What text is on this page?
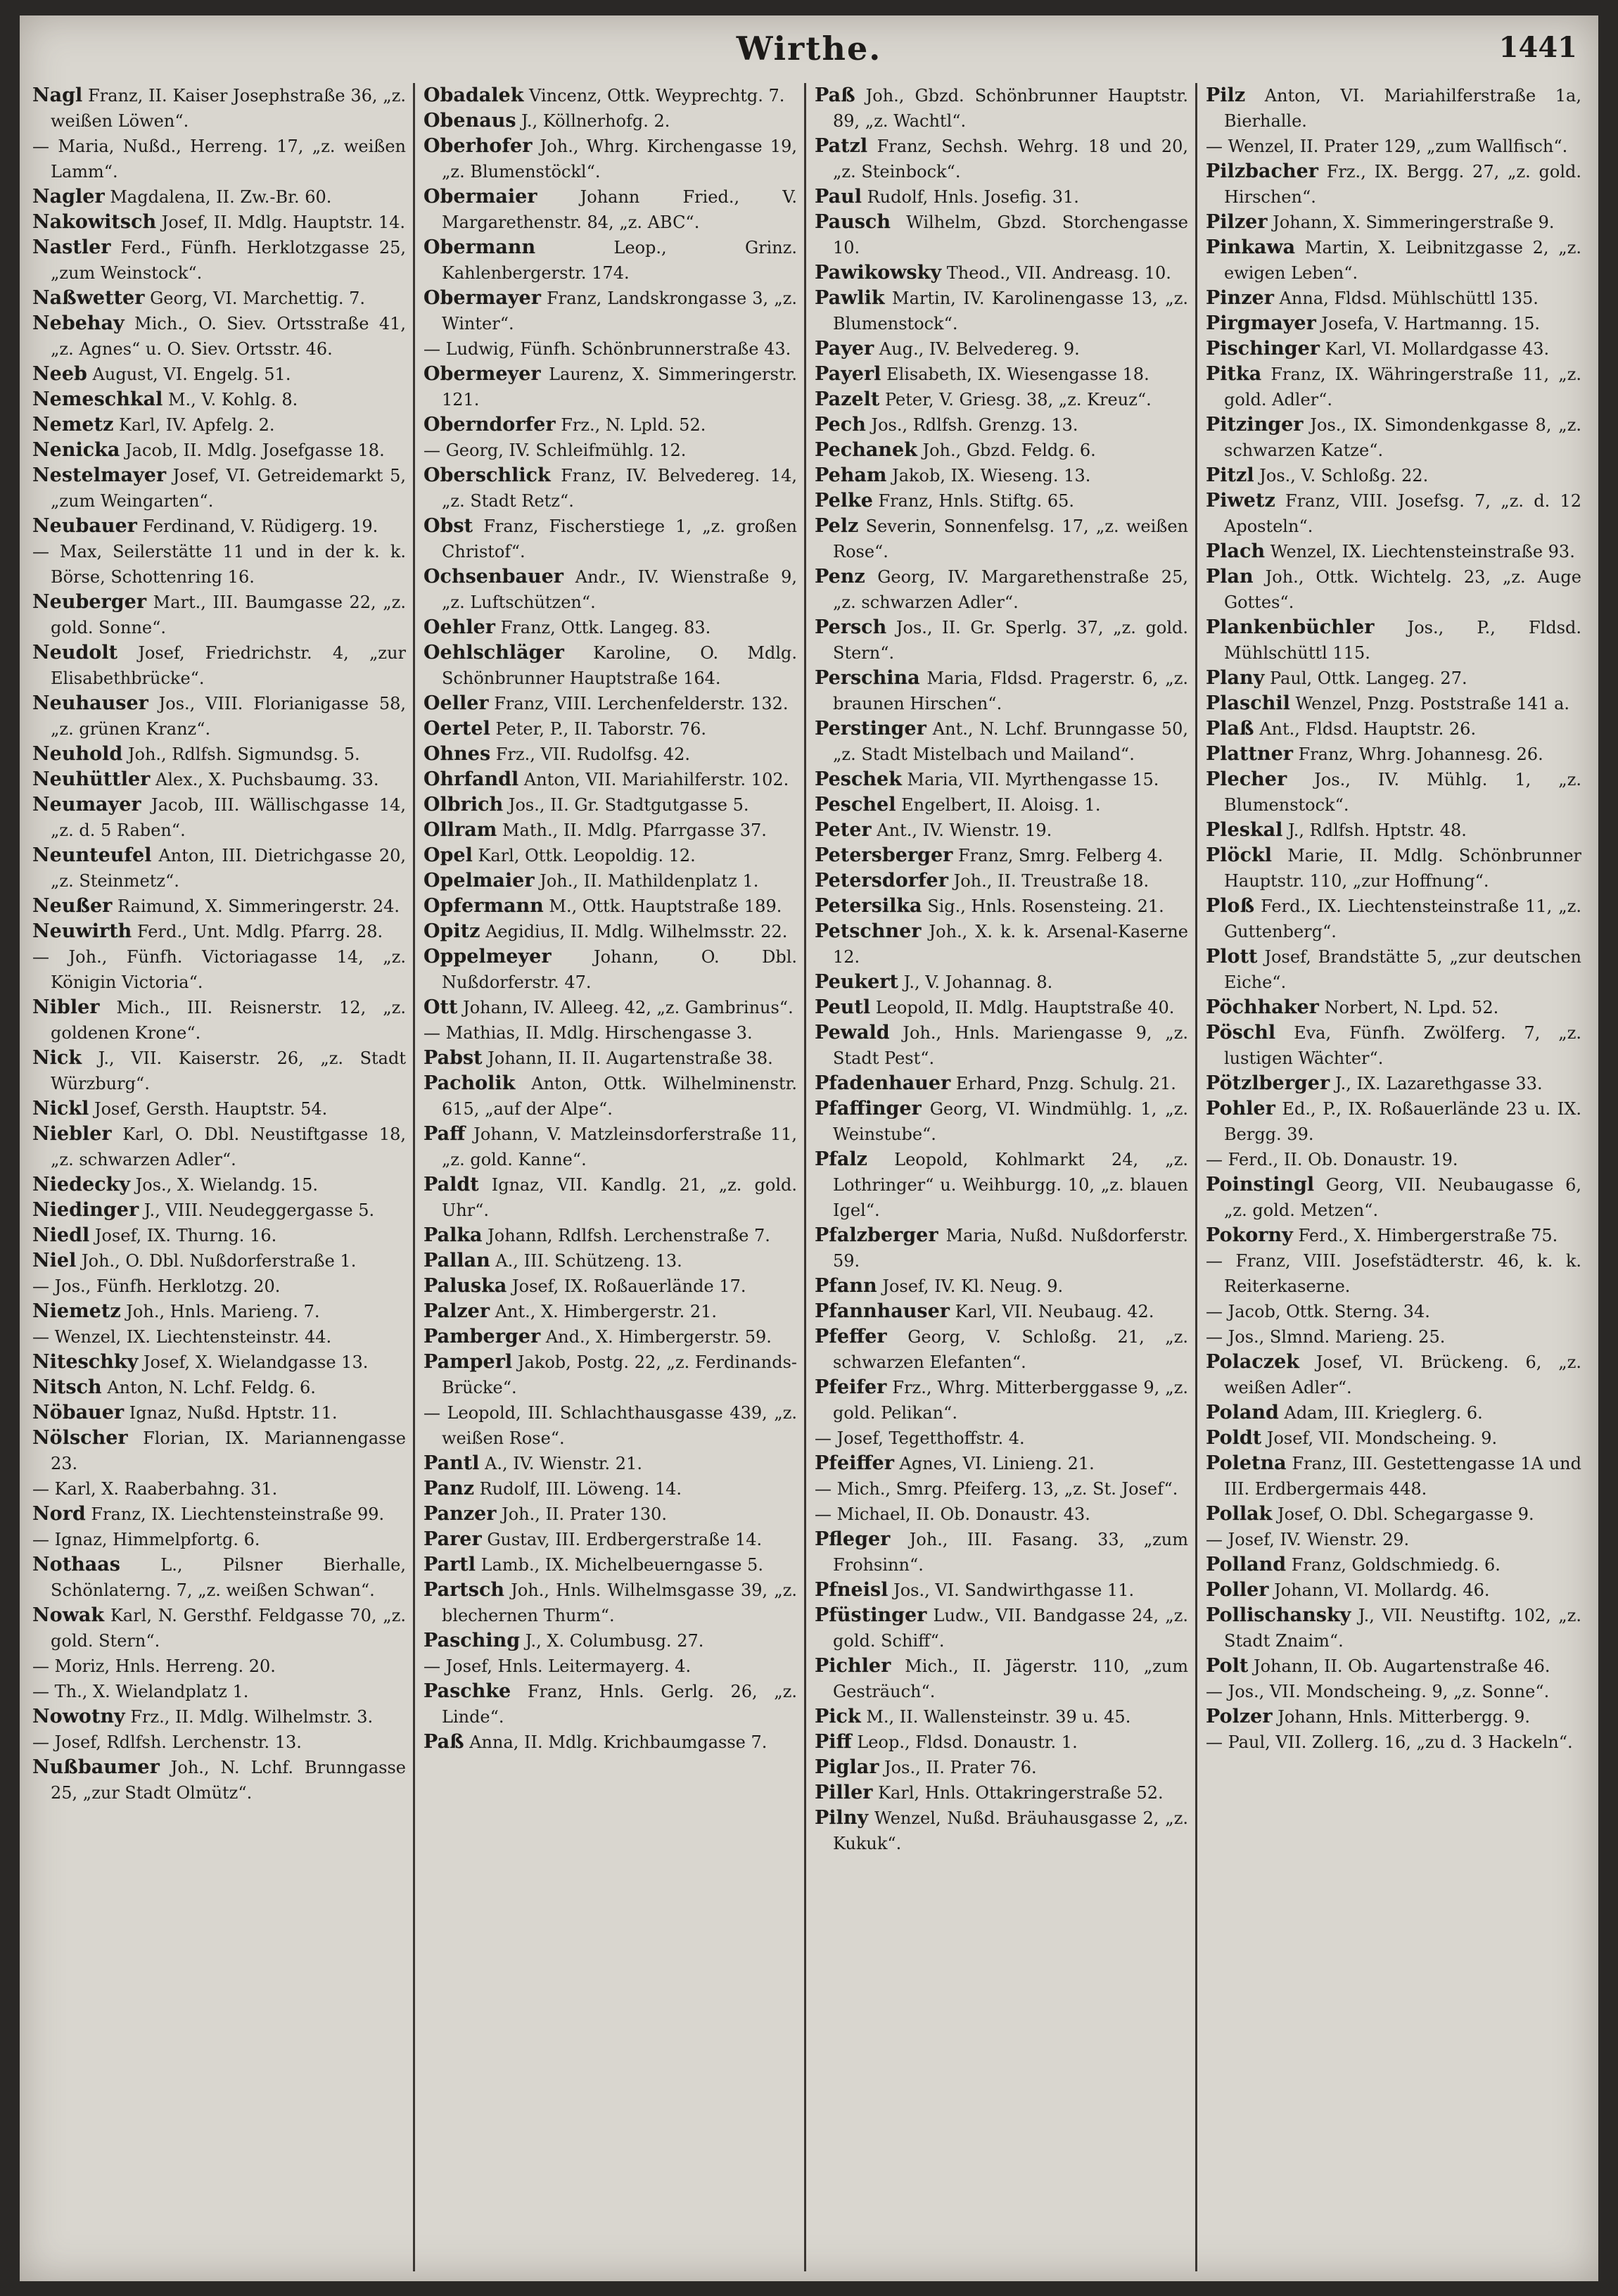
Wirthe.	1441

Nagl Franz, II. Kaiser Josephstraße 36, „z. weißen Löwen“.

— Maria, Nußd., Herreng. 17, „z. weißen Lamm“.

Nagler Magdalena, II. Zw.-Br. 60.

Nakowitsch Josef, II. Mdlg. Hauptstr. 14.

Nastler Ferd., Fünfh. Herklotzgasse 25, „zum Weinstock“.

Naßwetter Georg, VI. Marchettig. 7.

Nebehay Mich., O. Siev. Ortsstraße 41, „z. Agnes“ u. O. Siev. Ortsstr. 46.

Neeb August, VI. Engelg. 51.

Nemeschkal M., V. Kohlg. 8.

Nemetz Karl, IV. Apfelg. 2.

Nenicka Jacob, II. Mdlg. Josefgasse 18.

Nestelmayer Josef, VI. Getreidemarkt 5, „zum Weingarten“.

Neubauer Ferdinand, V. Rüdigerg. 19.

— Max, Seilerstätte 11 und in der k. k. Börse, Schottenring 16.

Neuberger Mart., III. Baumgasse 22, „z. gold. Sonne“.

Neudolt Josef, Friedrichstr. 4, „zur Elisabethbrücke“.

Neuhauser Jos., VIII. Florianigasse 58, „z. grünen Kranz“.

Neuhold Joh., Rdlfsh. Sigmundsg. 5.

Neuhüttler Alex., X. Puchsbaumg. 33.

Neumayer Jacob, III. Wällischgasse 14, „z. d. 5 Raben“.

Neunteufel Anton, III. Dietrichgasse 20, „z. Steinmetz“.

Neußer Raimund, X. Simmeringerstr. 24.

Neuwirth Ferd., Unt. Mdlg. Pfarrg. 28.

— Joh., Fünfh. Victoriagasse 14, „z. Königin Victoria“.

Nibler Mich., III. Reisnerstr. 12, „z. goldenen Krone“.

Nick J., VII. Kaiserstr. 26, „z. Stadt Würzburg“.

Nickl Josef, Gersth. Hauptstr. 54.

Niebler Karl, O. Dbl. Neustiftgasse 18, „z. schwarzen Adler“.

Niedecky Jos., X. Wielandg. 15.

Niedinger J., VIII. Neudeggergasse 5.

Niedl Josef, IX. Thurng. 16.

Niel Joh., O. Dbl. Nußdorferstraße 1.

— Jos., Fünfh. Herklotzg. 20.

Niemetz Joh., Hnls. Marieng. 7.

— Wenzel, IX. Liechtensteinstr. 44.

Niteschky Josef, X. Wielandgasse 13.

Nitsch Anton, N. Lchf. Feldg. 6.

Nöbauer Ignaz, Nußd. Hptstr. 11.

Nölscher Florian, IX. Mariannengasse 23.

— Karl, X. Raaberbahng. 31.

Nord Franz, IX. Liechtensteinstraße 99.

— Ignaz, Himmelpfortg. 6.

Nothaas L., Pilsner Bierhalle, Schönlaterng. 7, „z. weißen Schwan“.

Nowak Karl, N. Gersthf. Feldgasse 70, „z. gold. Stern“.

— Moriz, Hnls. Herreng. 20.

— Th., X. Wielandplatz 1.

Nowotny Frz., II. Mdlg. Wilhelmstr. 3.

— Josef, Rdlfsh. Lerchenstr. 13.

Nußbaumer Joh., N. Lchf. Brunngasse 25, „zur Stadt Olmütz“.

Obadalek Vincenz, Ottk. Weyprechtg. 7.

Obenaus J., Köllnerhofg. 2.

Oberhofer Joh., Whrg. Kirchengasse 19, „z. Blumenstöckl“.

Obermaier Johann Fried., V. Margarethenstr. 84, „z. ABC“.

Obermann Leop., Grinz. Kahlenbergerstr. 174.

Obermayer Franz, Landskrongasse 3, „z. Winter“.

— Ludwig, Fünfh. Schönbrunnerstraße 43.

Obermeyer Laurenz, X. Simmeringerstr. 121.

Oberndorfer Frz., N. Lpld. 52.

— Georg, IV. Schleifmühlg. 12.

Oberschlick Franz, IV. Belvedereg. 14, „z. Stadt Retz“.

Obst Franz, Fischerstiege 1, „z. großen Christof“.

Ochsenbauer Andr., IV. Wienstraße 9, „z. Luftschützen“.

Oehler Franz, Ottk. Langeg. 83.

Oehlschläger Karoline, O. Mdlg. Schönbrunner Hauptstraße 164.

Oeller Franz, VIII. Lerchenfelderstr. 132.

Oertel Peter, P., II. Taborstr. 76.

Ohnes Frz., VII. Rudolfsg. 42.

Ohrfandl Anton, VII. Mariahilferstr. 102.

Olbrich Jos., II. Gr. Stadtgutgasse 5.

Ollram Math., II. Mdlg. Pfarrgasse 37.

Opel Karl, Ottk. Leopoldig. 12.

Opelmaier Joh., II. Mathildenplatz 1.

Opfermann M., Ottk. Hauptstraße 189.

Opitz Aegidius, II. Mdlg. Wilhelmsstr. 22.

Oppelmeyer Johann, O. Dbl. Nußdorferstr. 47.

Ott Johann, IV. Alleeg. 42, „z. Gambrinus“.

— Mathias, II. Mdlg. Hirschengasse 3.

Pabst Johann, II. II. Augartenstraße 38.

Pacholik Anton, Ottk. Wilhelminenstr. 615, „auf der Alpe“.

Paff Johann, V. Matzleinsdorferstraße 11, „z. gold. Kanne“.

Paldt Ignaz, VII. Kandlg. 21, „z. gold. Uhr“.

Palka Johann, Rdlfsh. Lerchenstraße 7.

Pallan A., III. Schützeng. 13.

Paluska Josef, IX. Roßauerlände 17.

Palzer Ant., X. Himbergerstr. 21.

Pamberger And., X. Himbergerstr. 59.

Pamperl Jakob, Postg. 22, „z. Ferdinands-Brücke“.

— Leopold, III. Schlachthausgasse 439, „z. weißen Rose“.

Pantl A., IV. Wienstr. 21.

Panz Rudolf, III. Löweng. 14.

Panzer Joh., II. Prater 130.

Parer Gustav, III. Erdbergerstraße 14.

Partl Lamb., IX. Michelbeuerngasse 5.

Partsch Joh., Hnls. Wilhelmsgasse 39, „z. blechernen Thurm“.

Pasching J., X. Columbusg. 27.

— Josef, Hnls. Leitermayerg. 4.

Paschke Franz, Hnls. Gerlg. 26, „z. Linde“.

Paß Anna, II. Mdlg. Krichbaumgasse 7.

Paß Joh., Gbzd. Schönbrunner Hauptstr. 89, „z. Wachtl“.

Patzl Franz, Sechsh. Wehrg. 18 und 20, „z. Steinbock“.

Paul Rudolf, Hnls. Josefig. 31.

Pausch Wilhelm, Gbzd. Storchengasse 10.

Pawikowsky Theod., VII. Andreasg. 10.

Pawlik Martin, IV. Karolinengasse 13, „z. Blumenstock“.

Payer Aug., IV. Belvedereg. 9.

Payerl Elisabeth, IX. Wiesengasse 18.

Pazelt Peter, V. Griesg. 38, „z. Kreuz“.

Pech Jos., Rdlfsh. Grenzg. 13.

Pechanek Joh., Gbzd. Feldg. 6.

Peham Jakob, IX. Wieseng. 13.

Pelke Franz, Hnls. Stiftg. 65.

Pelz Severin, Sonnenfelsg. 17, „z. weißen Rose“.

Penz Georg, IV. Margarethenstraße 25, „z. schwarzen Adler“.

Persch Jos., II. Gr. Sperlg. 37, „z. gold. Stern“.

Perschina Maria, Fldsd. Pragerstr. 6, „z. braunen Hirschen“.

Perstinger Ant., N. Lchf. Brunngasse 50, „z. Stadt Mistelbach und Mailand“.

Peschek Maria, VII. Myrthengasse 15.

Peschel Engelbert, II. Aloisg. 1.

Peter Ant., IV. Wienstr. 19.

Petersberger Franz, Smrg. Felberg 4.

Petersdorfer Joh., II. Treustraße 18.

Petersilka Sig., Hnls. Rosensteing. 21.

Petschner Joh., X. k. k. Arsenal-Kaserne 12.

Peukert J., V. Johannag. 8.

Peutl Leopold, II. Mdlg. Hauptstraße 40.

Pewald Joh., Hnls. Mariengasse 9, „z. Stadt Pest“.

Pfadenhauer Erhard, Pnzg. Schulg. 21.

Pfaffinger Georg, VI. Windmühlg. 1, „z. Weinstube“.

Pfalz Leopold, Kohlmarkt 24, „z. Lothringer“ u. Weihburgg. 10, „z. blauen Igel“.

Pfalzberger Maria, Nußd. Nußdorferstr. 59.

Pfann Josef, IV. Kl. Neug. 9.

Pfannhauser Karl, VII. Neubaug. 42.

Pfeffer Georg, V. Schloßg. 21, „z. schwarzen Elefanten“.

Pfeifer Frz., Whrg. Mitterberggasse 9, „z. gold. Pelikan“.

— Josef, Tegetthoffstr. 4.

Pfeiffer Agnes, VI. Linieng. 21.

— Mich., Smrg. Pfeiferg. 13, „z. St. Josef“.

— Michael, II. Ob. Donaustr. 43.

Pfleger Joh., III. Fasang. 33, „zum Frohsinn“.

Pfneisl Jos., VI. Sandwirthgasse 11.

Pfüstinger Ludw., VII. Bandgasse 24, „z. gold. Schiff“.

Pichler Mich., II. Jägerstr. 110, „zum Gesträuch“.

Pick M., II. Wallensteinstr. 39 u. 45.

Piff Leop., Fldsd. Donaustr. 1.

Piglar Jos., II. Prater 76.

Piller Karl, Hnls. Ottakringerstraße 52.

Pilny Wenzel, Nußd. Bräuhausgasse 2, „z. Kukuk“.

Pilz Anton, VI. Mariahilferstraße 1a, Bierhalle.

— Wenzel, II. Prater 129, „zum Wallfisch“.

Pilzbacher Frz., IX. Bergg. 27, „z. gold. Hirschen“.

Pilzer Johann, X. Simmeringerstraße 9.

Pinkawa Martin, X. Leibnitzgasse 2, „z. ewigen Leben“.

Pinzer Anna, Fldsd. Mühlschüttl 135.

Pirgmayer Josefa, V. Hartmanng. 15.

Pischinger Karl, VI. Mollardgasse 43.

Pitka Franz, IX. Währingerstraße 11, „z. gold. Adler“.

Pitzinger Jos., IX. Simondenkgasse 8, „z. schwarzen Katze“.

Pitzl Jos., V. Schloßg. 22.

Piwetz Franz, VIII. Josefsg. 7, „z. d. 12 Aposteln“.

Plach Wenzel, IX. Liechtensteinstraße 93.

Plan Joh., Ottk. Wichtelg. 23, „z. Auge Gottes“.

Plankenbüchler Jos., P., Fldsd. Mühlschüttl 115.

Plany Paul, Ottk. Langeg. 27.

Plaschil Wenzel, Pnzg. Poststraße 141 a.

Plaß Ant., Fldsd. Hauptstr. 26.

Plattner Franz, Whrg. Johannesg. 26.

Plecher Jos., IV. Mühlg. 1, „z. Blumenstock“.

Pleskal J., Rdlfsh. Hptstr. 48.

Plöckl Marie, II. Mdlg. Schönbrunner Hauptstr. 110, „zur Hoffnung“.

Ploß Ferd., IX. Liechtensteinstraße 11, „z. Guttenberg“.

Plott Josef, Brandstätte 5, „zur deutschen Eiche“.

Pöchhaker Norbert, N. Lpd. 52.

Pöschl Eva, Fünfh. Zwölferg. 7, „z. lustigen Wächter“.

Pötzlberger J., IX. Lazarethgasse 33.

Pohler Ed., P., IX. Roßauerlände 23 u. IX. Bergg. 39.

— Ferd., II. Ob. Donaustr. 19.

Poinstingl Georg, VII. Neubaugasse 6, „z. gold. Metzen“.

Pokorny Ferd., X. Himbergerstraße 75.

— Franz, VIII. Josefstädterstr. 46, k. k. Reiterkaserne.

— Jacob, Ottk. Sterng. 34.

— Jos., Slmnd. Marieng. 25.

Polaczek Josef, VI. Brückeng. 6, „z. weißen Adler“.

Poland Adam, III. Krieglerg. 6.

Poldt Josef, VII. Mondscheing. 9.

Poletna Franz, III. Gestettengasse 1A und III. Erdbergermais 448.

Pollak Josef, O. Dbl. Schegargasse 9.

— Josef, IV. Wienstr. 29.

Polland Franz, Goldschmiedg. 6.

Poller Johann, VI. Mollardg. 46.

Pollischansky J., VII. Neustiftg. 102, „z. Stadt Znaim“.

Polt Johann, II. Ob. Augartenstraße 46.

— Jos., VII. Mondscheing. 9, „z. Sonne“.

Polzer Johann, Hnls. Mitterbergg. 9.

— Paul, VII. Zollerg. 16, „zu d. 3 Hackeln“.
